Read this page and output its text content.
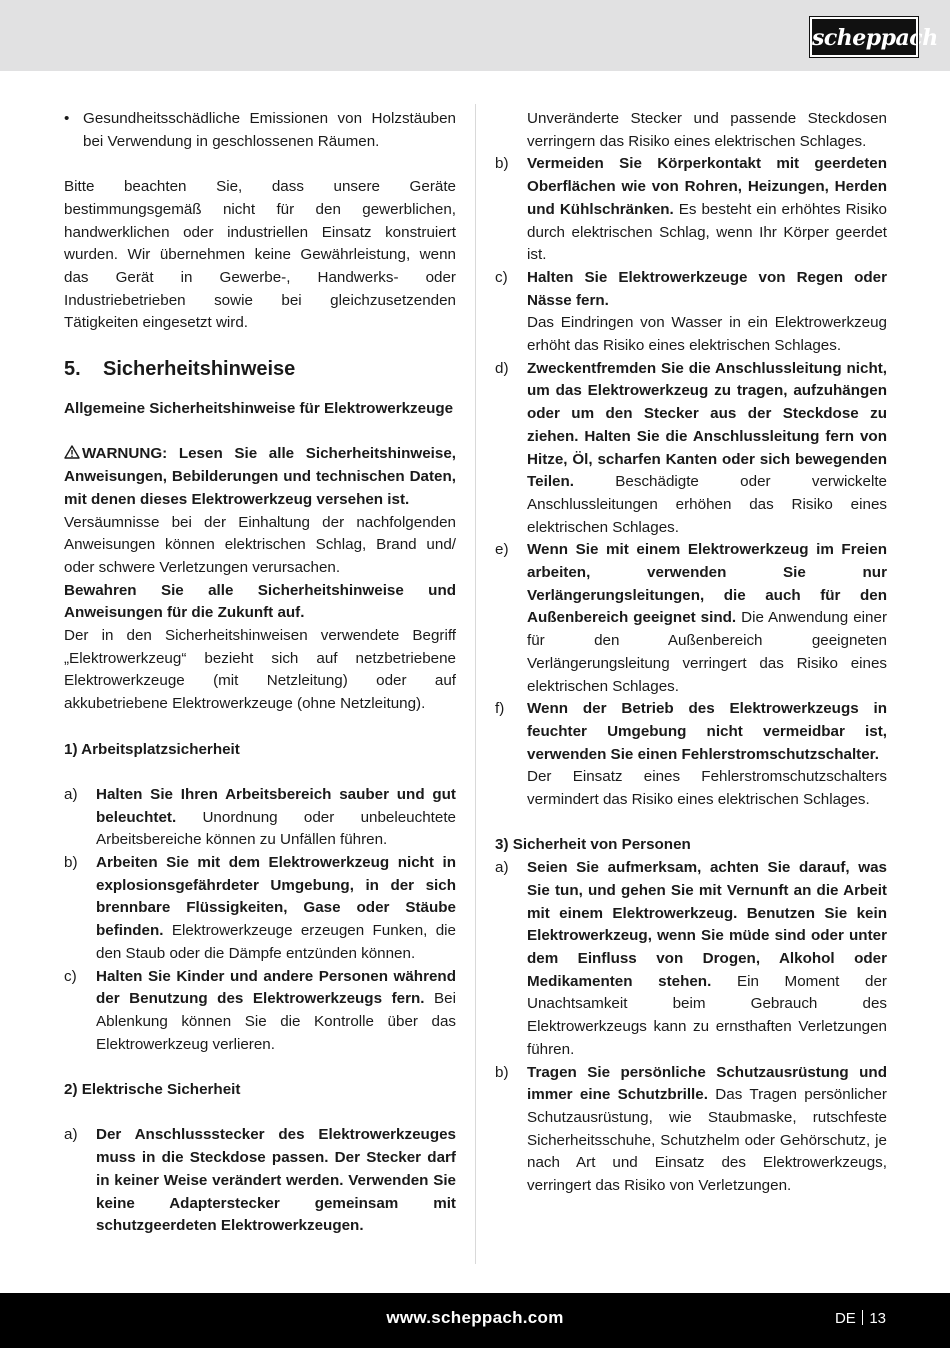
scheppach
• Gesundheitsschädliche Emissionen von Holzstäuben bei Verwendung in geschlossenen Räumen.
Bitte beachten Sie, dass unsere Geräte bestimmungsgemäß nicht für den gewerblichen, handwerklichen oder industriellen Einsatz konstruiert wurden. Wir übernehmen keine Gewährleistung, wenn das Gerät in Gewerbe-, Handwerks- oder Industriebetrieben sowie bei gleichzusetzenden Tätigkeiten eingesetzt wird.
5. Sicherheitshinweise
Allgemeine Sicherheitshinweise für Elektrowerkzeuge
WARNUNG: Lesen Sie alle Sicherheitshinweise, Anweisungen, Bebilderungen und technischen Daten, mit denen dieses Elektrowerkzeug versehen ist.
Versäumnisse bei der Einhaltung der nachfolgenden Anweisungen können elektrischen Schlag, Brand und/ oder schwere Verletzungen verursachen.
Bewahren Sie alle Sicherheitshinweise und Anweisungen für die Zukunft auf.
Der in den Sicherheitshinweisen verwendete Begriff „Elektrowerkzeug“ bezieht sich auf netzbetriebene Elektrowerkzeuge (mit Netzleitung) oder auf akkubetriebene Elektrowerkzeuge (ohne Netzleitung).
1) Arbeitsplatzsicherheit
a) Halten Sie Ihren Arbeitsbereich sauber und gut beleuchtet. Unordnung oder unbeleuchtete Arbeitsbereiche können zu Unfällen führen.
b) Arbeiten Sie mit dem Elektrowerkzeug nicht in explosionsgefährdeter Umgebung, in der sich brennbare Flüssigkeiten, Gase oder Stäube befinden. Elektrowerkzeuge erzeugen Funken, die den Staub oder die Dämpfe entzünden können.
c) Halten Sie Kinder und andere Personen während der Benutzung des Elektrowerkzeugs fern. Bei Ablenkung können Sie die Kontrolle über das Elektrowerkzeug verlieren.
2) Elektrische Sicherheit
a) Der Anschlussstecker des Elektrowerkzeuges muss in die Steckdose passen. Der Stecker darf in keiner Weise verändert werden. Verwenden Sie keine Adapterstecker gemeinsam mit schutzgeerdeten Elektrowerkzeugen.
Unveränderte Stecker und passende Steckdosen verringern das Risiko eines elektrischen Schlages.
b) Vermeiden Sie Körperkontakt mit geerdeten Oberflächen wie von Rohren, Heizungen, Herden und Kühlschränken. Es besteht ein erhöhtes Risiko durch elektrischen Schlag, wenn Ihr Körper geerdet ist.
c) Halten Sie Elektrowerkzeuge von Regen oder Nässe fern.
Das Eindringen von Wasser in ein Elektrowerkzeug erhöht das Risiko eines elektrischen Schlages.
d) Zweckentfremden Sie die Anschlussleitung nicht, um das Elektrowerkzeug zu tragen, aufzuhängen oder um den Stecker aus der Steckdose zu ziehen. Halten Sie die Anschlussleitung fern von Hitze, Öl, scharfen Kanten oder sich bewegenden Teilen. Beschädigte oder verwickelte Anschlussleitungen erhöhen das Risiko eines elektrischen Schlages.
e) Wenn Sie mit einem Elektrowerkzeug im Freien arbeiten, verwenden Sie nur Verlängerungsleitungen, die auch für den Außenbereich geeignet sind. Die Anwendung einer für den Außenbereich geeigneten Verlängerungsleitung verringert das Risiko eines elektrischen Schlages.
f) Wenn der Betrieb des Elektrowerkzeugs in feuchter Umgebung nicht vermeidbar ist, verwenden Sie einen Fehlerstromschutzschalter.
Der Einsatz eines Fehlerstromschutzschalters vermindert das Risiko eines elektrischen Schlages.
3) Sicherheit von Personen
a) Seien Sie aufmerksam, achten Sie darauf, was Sie tun, und gehen Sie mit Vernunft an die Arbeit mit einem Elektrowerkzeug. Benutzen Sie kein Elektrowerkzeug, wenn Sie müde sind oder unter dem Einfluss von Drogen, Alkohol oder Medikamenten stehen. Ein Moment der Unachtsamkeit beim Gebrauch des Elektrowerkzeugs kann zu ernsthaften Verletzungen führen.
b) Tragen Sie persönliche Schutzausrüstung und immer eine Schutzbrille. Das Tragen persönlicher Schutzausrüstung, wie Staubmaske, rutschfeste Sicherheitsschuhe, Schutzhelm oder Gehörschutz, je nach Art und Einsatz des Elektrowerkzeugs, verringert das Risiko von Verletzungen.
www.scheppach.com	DE 13
